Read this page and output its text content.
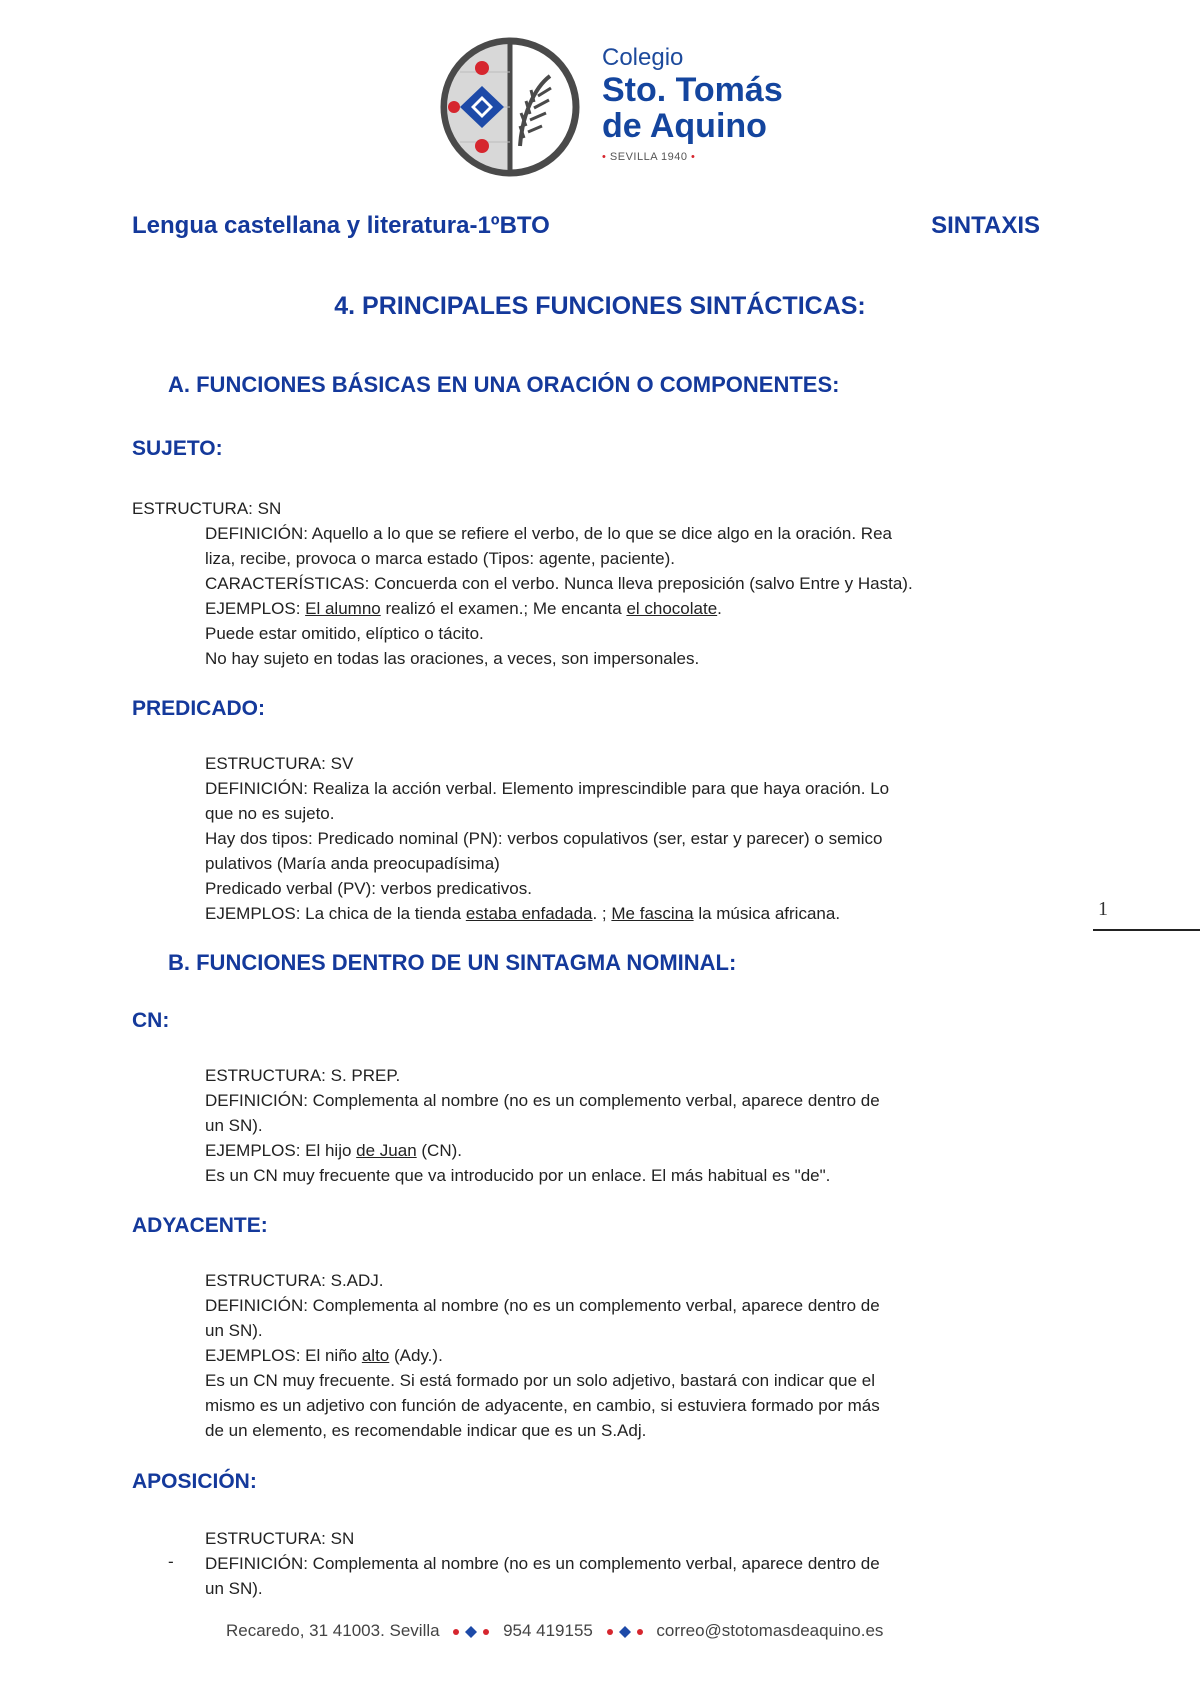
Colegio
Sto. Tomás
de Aquino
• SEVILLA 1940 •
Lengua castellana y literatura-1ºBTO	SINTAXIS
4. PRINCIPALES FUNCIONES SINTÁCTICAS:
A. FUNCIONES BÁSICAS EN UNA ORACIÓN O COMPONENTES:
SUJETO:
ESTRUCTURA: SN
DEFINICIÓN: Aquello a lo que se refiere el verbo, de lo que se dice algo en la oración. Rea
liza, recibe, provoca o marca estado (Tipos: agente, paciente).
CARACTERÍSTICAS: Concuerda con el verbo. Nunca lleva preposición (salvo Entre y Hasta).
EJEMPLOS: El alumno realizó el examen.; Me encanta el chocolate.
Puede estar omitido, elíptico o tácito.
No hay sujeto en todas las oraciones, a veces, son impersonales.
PREDICADO:
ESTRUCTURA: SV
DEFINICIÓN: Realiza la acción verbal. Elemento imprescindible para que haya oración. Lo
que no es sujeto.
Hay dos tipos: Predicado nominal (PN): verbos copulativos (ser, estar y parecer) o semico
pulativos (María anda preocupadísima)
Predicado verbal (PV): verbos predicativos.
EJEMPLOS: La chica de la tienda estaba enfadada. ; Me fascina la música africana.	1
B. FUNCIONES DENTRO DE UN SINTAGMA NOMINAL:
CN:
ESTRUCTURA: S. PREP.
DEFINICIÓN: Complementa al nombre (no es un complemento verbal, aparece dentro de
un SN).
EJEMPLOS: El hijo de Juan (CN).
Es un CN muy frecuente que va introducido por un enlace. El más habitual es "de".
ADYACENTE:
ESTRUCTURA: S.ADJ.
DEFINICIÓN: Complementa al nombre (no es un complemento verbal, aparece dentro de
un SN).
EJEMPLOS: El niño alto (Ady.).
Es un CN muy frecuente. Si está formado por un solo adjetivo, bastará con indicar que el
mismo es un adjetivo con función de adyacente, en cambio, si estuviera formado por más
de un elemento, es recomendable indicar que es un S.Adj.
APOSICIÓN:
ESTRUCTURA: SN
DEFINICIÓN: Complementa al nombre (no es un complemento verbal, aparece dentro de
un SN).
-
Recaredo, 31 41003. Sevilla	954 419155	correo@stotomasdeaquino.es
